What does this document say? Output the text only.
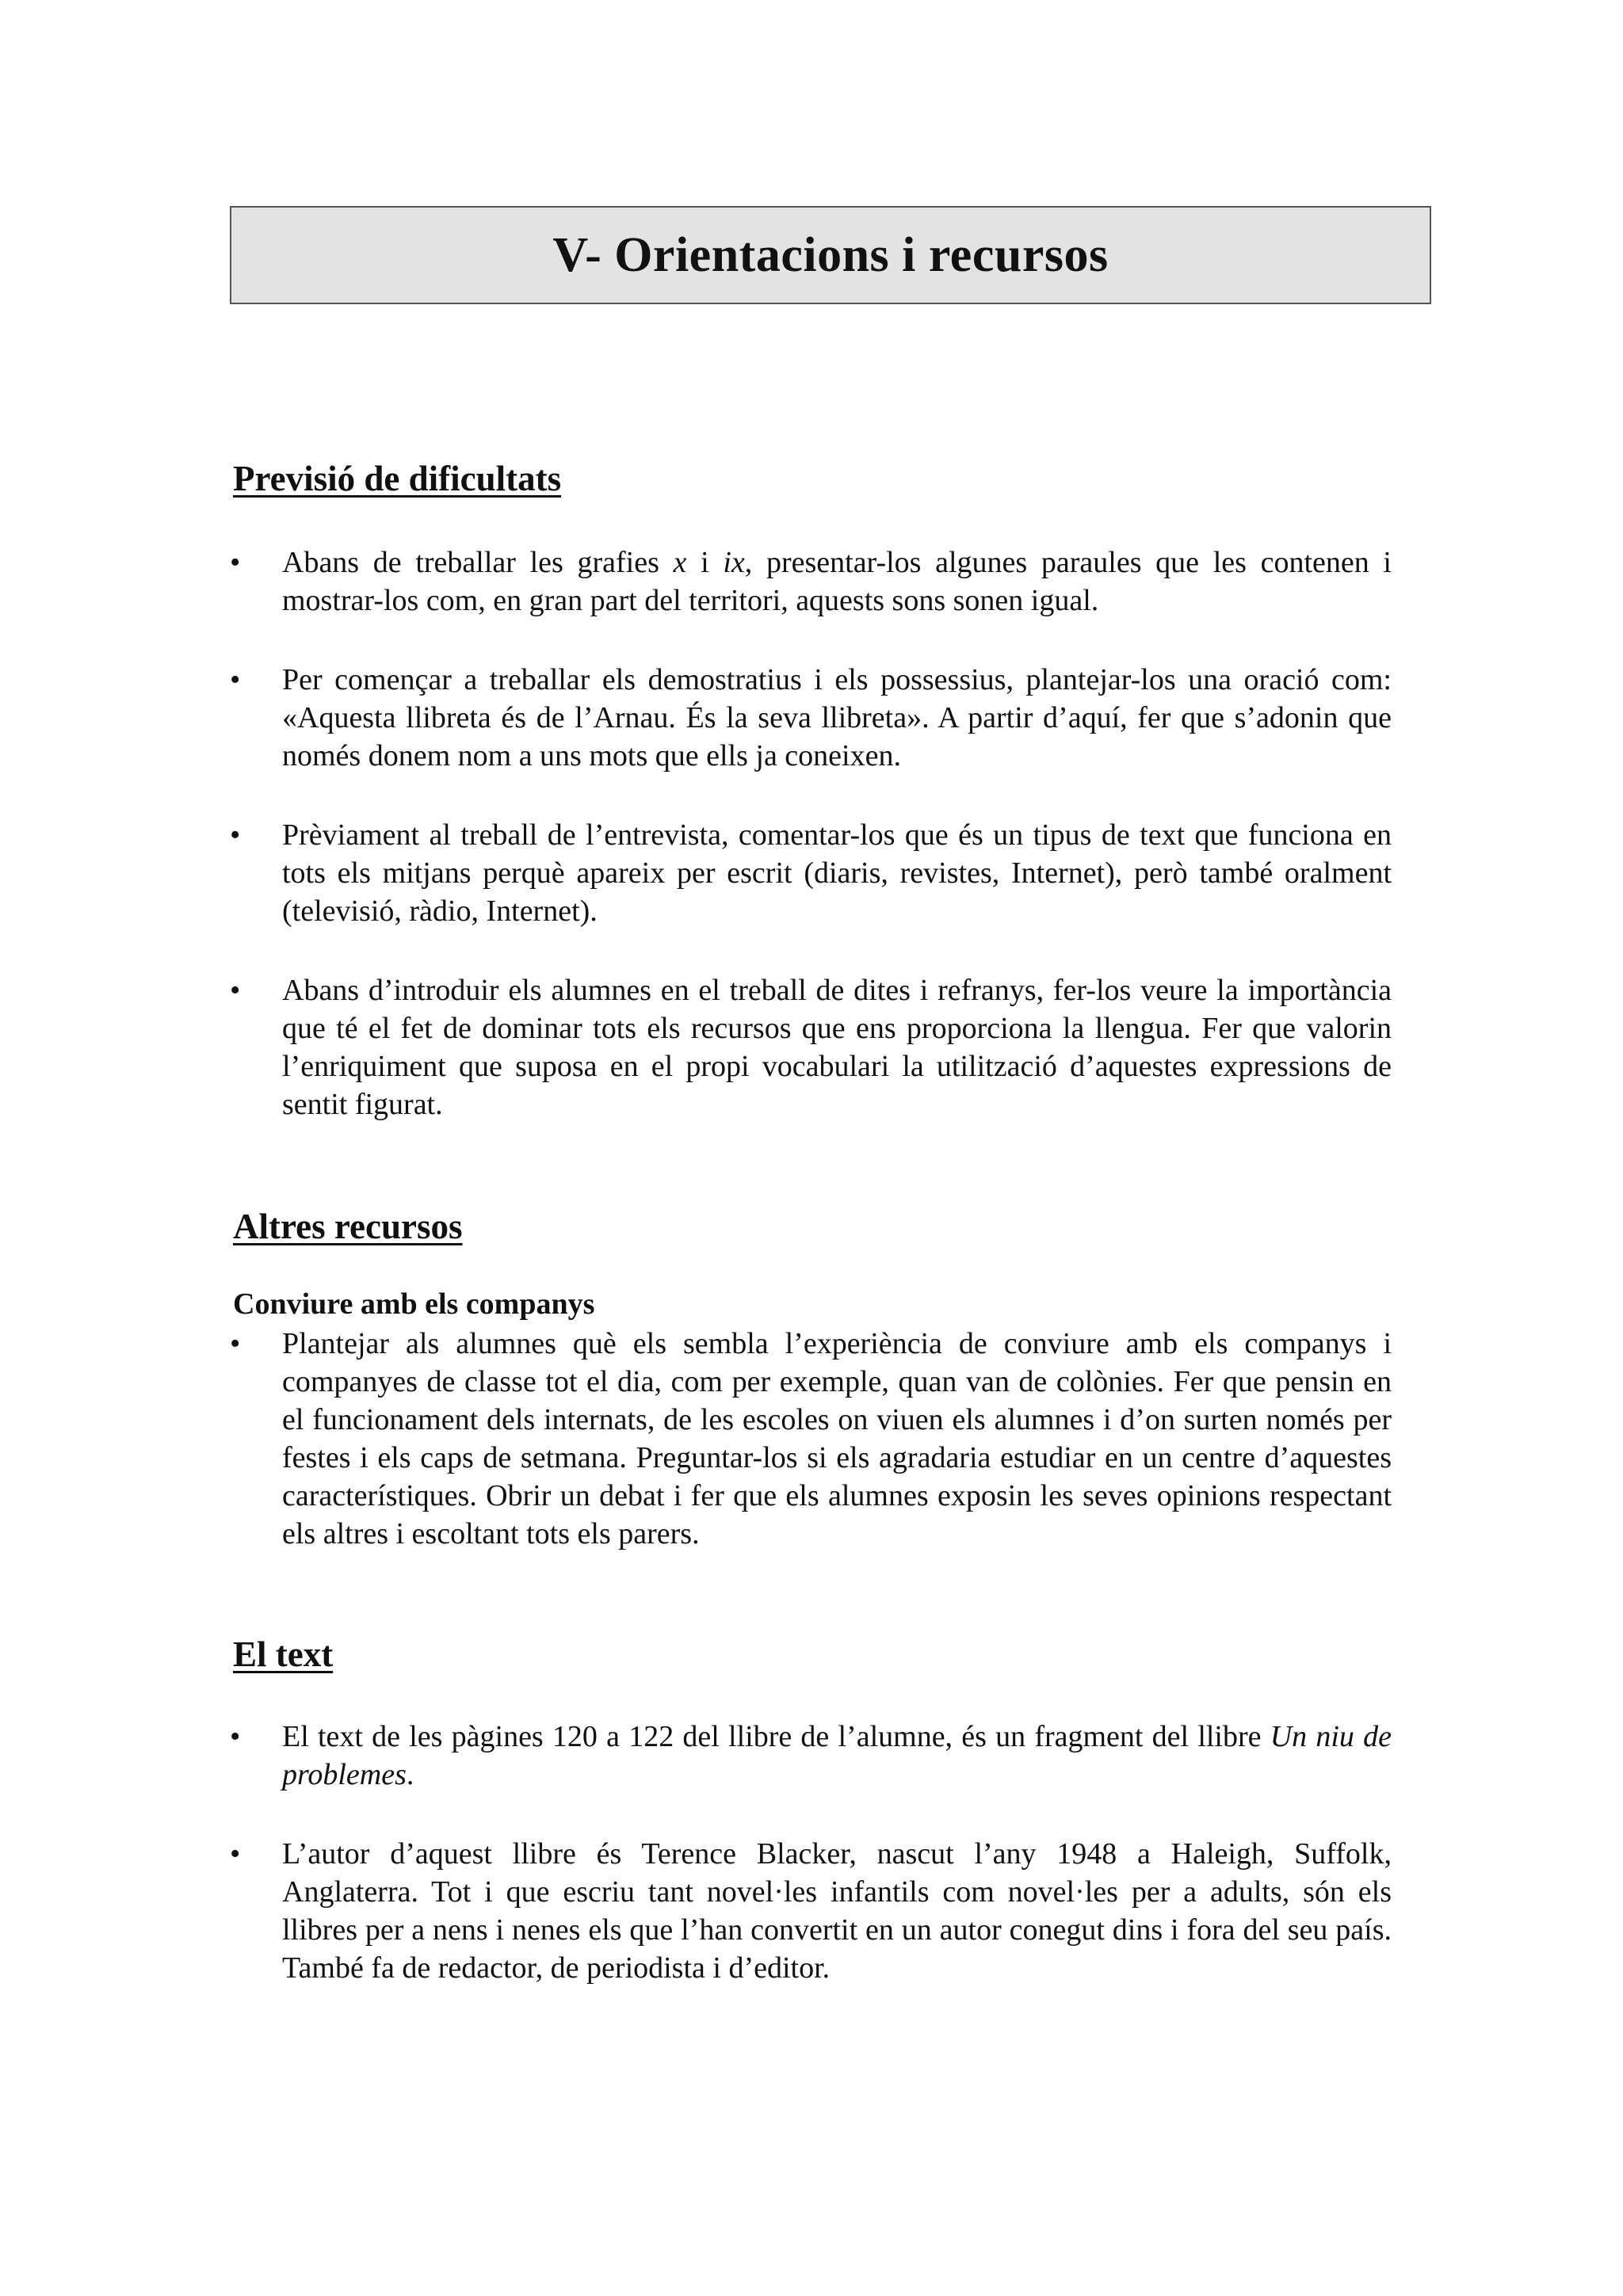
V- Orientacions i recursos
Previsió de dificultats
• Abans de treballar les grafies x i ix, presentar-los algunes paraules que les contenen i mostrar-los com, en gran part del territori, aquests sons sonen igual.

• Per començar a treballar els demostratius i els possessius, plantejar-los una oració com: «Aquesta llibreta és de l’Arnau. És la seva llibreta». A partir d’aquí, fer que s’adonin que només donem nom a uns mots que ells ja coneixen.

• Prèviament al treball de l’entrevista, comentar-los que és un tipus de text que funciona en tots els mitjans perquè apareix per escrit (diaris, revistes, Internet), però també oralment (televisió, ràdio, Internet).

• Abans d’introduir els alumnes en el treball de dites i refranys, fer-los veure la importància que té el fet de dominar tots els recursos que ens proporciona la llengua. Fer que valorin l’enriquiment que suposa en el propi vocabulari la utilització d’aquestes expressions de sentit figurat.

Altres recursos
Conviure amb els companys
• Plantejar als alumnes què els sembla l’experiència de conviure amb els companys i companyes de classe tot el dia, com per exemple, quan van de colònies. Fer que pensin en el funcionament dels internats, de les escoles on viuen els alumnes i d’on surten només per festes i els caps de setmana. Preguntar-los si els agradaria estudiar en un centre d’aquestes característiques. Obrir un debat i fer que els alumnes exposin les seves opinions respectant els altres i escoltant tots els parers.

El text
• El text de les pàgines 120 a 122 del llibre de l’alumne, és un fragment del llibre Un niu de problemes.

• L’autor d’aquest llibre és Terence Blacker, nascut l’any 1948 a Haleigh, Suffolk, Anglaterra. Tot i que escriu tant novel·les infantils com novel·les per a adults, són els llibres per a nens i nenes els que l’han convertit en un autor conegut dins i fora del seu país. També fa de redactor, de periodista i d’editor.
